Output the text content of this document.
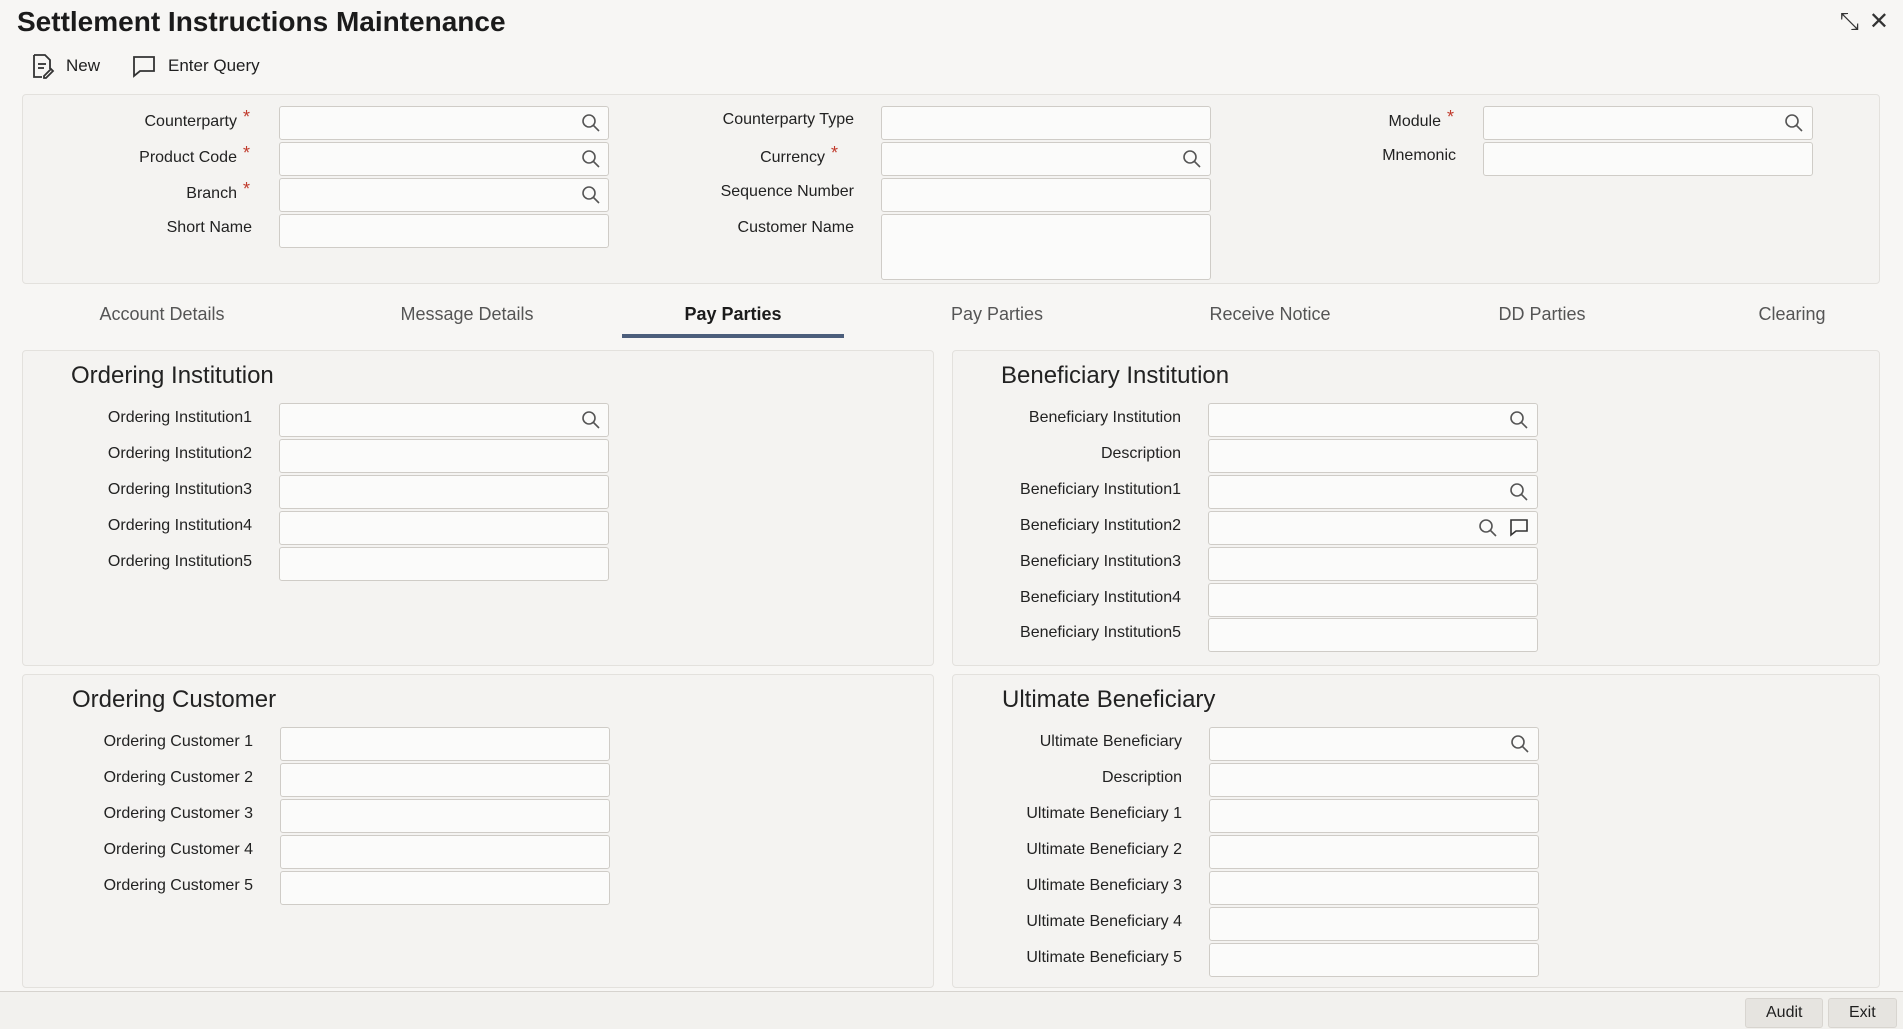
Settlement Instructions Maintenance	⤡ ✕
New	Enter Query
Counterparty *
Product Code *
Branch *
Short Name
Counterparty Type
Currency *
Sequence Number
Customer Name
Module *
Mnemonic
Account Details	Message Details	Pay Parties	Pay Parties	Receive Notice	DD Parties	Clearing
Ordering Institution
Ordering Institution1
Ordering Institution2
Ordering Institution3
Ordering Institution4
Ordering Institution5
Beneficiary Institution
Beneficiary Institution
Description
Beneficiary Institution1
Beneficiary Institution2
Beneficiary Institution3
Beneficiary Institution4
Beneficiary Institution5
Ordering Customer
Ordering Customer 1
Ordering Customer 2
Ordering Customer 3
Ordering Customer 4
Ordering Customer 5
Ultimate Beneficiary
Ultimate Beneficiary
Description
Ultimate Beneficiary 1
Ultimate Beneficiary 2
Ultimate Beneficiary 3
Ultimate Beneficiary 4
Ultimate Beneficiary 5
Audit	Exit
